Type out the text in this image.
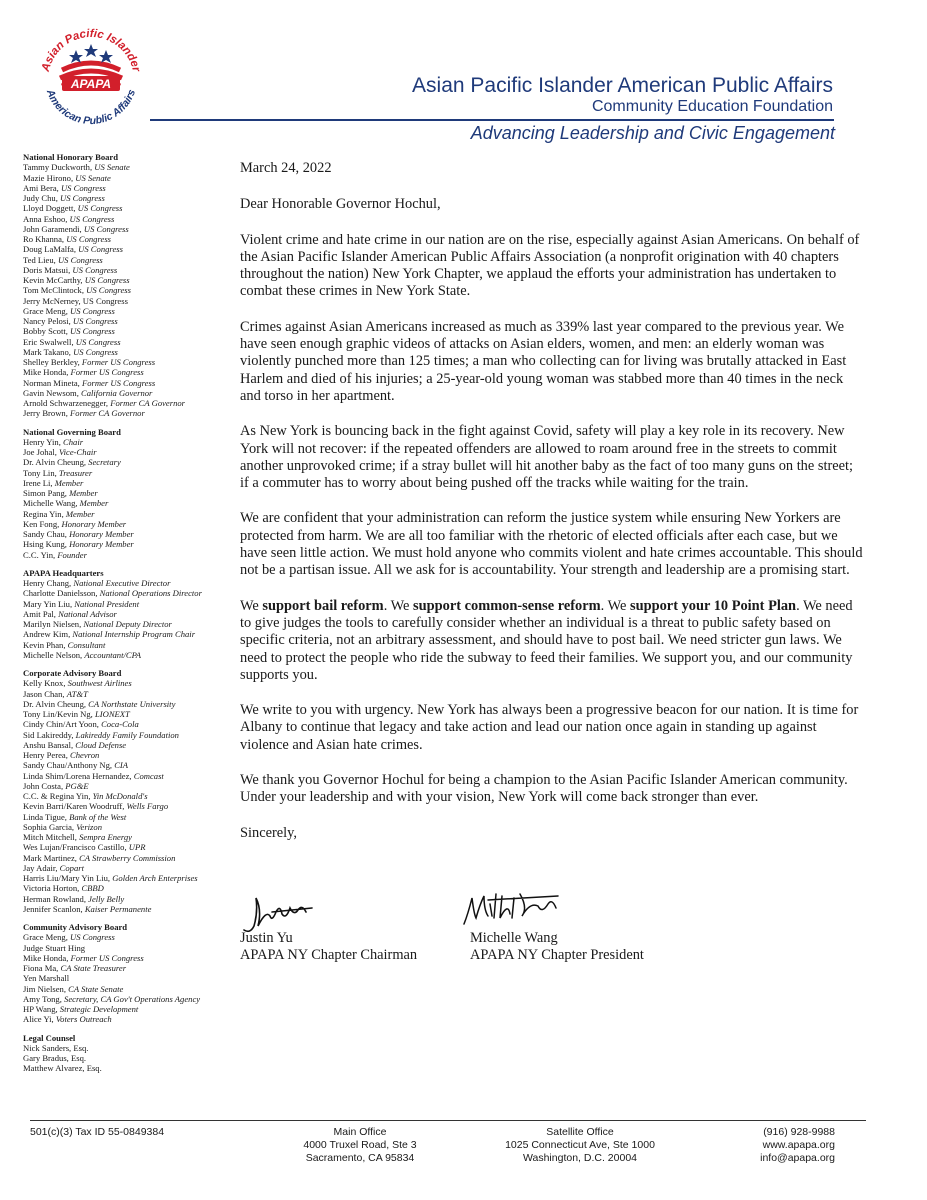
APAPA
Asian Pacific Islander
American Public Affairs	Asian Pacific Islander American Public Affairs
Community Education Foundation
Advancing Leadership and Civic Engagement
National Honorary Board
Tammy Duckworth, US Senate
Mazie Hirono, US Senate
Ami Bera, US Congress
Judy Chu, US Congress
Lloyd Doggett, US Congress
Anna Eshoo, US Congress
John Garamendi, US Congress
Ro Khanna, US Congress
Doug LaMalfa, US Congress
Ted Lieu, US Congress
Doris Matsui, US Congress
Kevin McCarthy, US Congress
Tom McClintock, US Congress
Jerry McNerney, US Congress
Grace Meng, US Congress
Nancy Pelosi, US Congress
Bobby Scott, US Congress
Eric Swalwell, US Congress
Mark Takano, US Congress
Shelley Berkley, Former US Congress
Mike Honda, Former US Congress
Norman Mineta, Former US Congress
Gavin Newsom, California Governor
Arnold Schwarzenegger, Former CA Governor
Jerry Brown, Former CA Governor
National Governing Board
Henry Yin, Chair
Joe Johal, Vice-Chair
Dr. Alvin Cheung, Secretary
Tony Lin, Treasurer
Irene Li, Member
Simon Pang, Member
Michelle Wang, Member
Regina Yin, Member
Ken Fong, Honorary Member
Sandy Chau, Honorary Member
Hsing Kung, Honorary Member
C.C. Yin, Founder
APAPA Headquarters
Henry Chang, National Executive Director
Charlotte Danielsson, National Operations Director
Mary Yin Liu, National President
Amit Pal, National Advisor
Marilyn Nielsen, National Deputy Director
Andrew Kim, National Internship Program Chair
Kevin Phan, Consultant
Michelle Nelson, Accountant/CPA
Corporate Advisory Board
Kelly Knox, Southwest Airlines
Jason Chan, AT&T
Dr. Alvin Cheung, CA Northstate University
Tony Lin/Kevin Ng, LIONEXT
Cindy Chin/Art Yoon, Coca-Cola
Sid Lakireddy, Lakireddy Family Foundation
Anshu Bansal, Cloud Defense
Henry Perea, Chevron
Sandy Chau/Anthony Ng, CIA
Linda Shim/Lorena Hernandez, Comcast
John Costa, PG&E
C.C. & Regina Yin, Yin McDonald's
Kevin Barri/Karen Woodruff, Wells Fargo
Linda Tigue, Bank of the West
Sophia Garcia, Verizon
Mitch Mitchell, Sempra Energy
Wes Lujan/Francisco Castillo, UPR
Mark Martinez, CA Strawberry Commission
Jay Adair, Copart
Harris Liu/Mary Yin Liu, Golden Arch Enterprises
Victoria Horton, CBBD
Herman Rowland, Jelly Belly
Jennifer Scanlon, Kaiser Permanente
Community Advisory Board
Grace Meng, US Congress
Judge Stuart Hing
Mike Honda, Former US Congress
Fiona Ma, CA State Treasurer
Yen Marshall
Jim Nielsen, CA State Senate
Amy Tong, Secretary, CA Gov't Operations Agency
HP Wang, Strategic Development
Alice Yi, Voters Outreach
Legal Counsel
Nick Sanders, Esq.
Gary Bradus, Esq.
Matthew Alvarez, Esq.

March 24, 2022

Dear Honorable Governor Hochul,

Violent crime and hate crime in our nation are on the rise, especially against Asian Americans. On behalf of the Asian Pacific Islander American Public Affairs Association (a nonprofit origination with 40 chapters throughout the nation) New York Chapter, we applaud the efforts your administration has undertaken to combat these crimes in New York State.

Crimes against Asian Americans increased as much as 339% last year compared to the previous year. We have seen enough graphic videos of attacks on Asian elders, women, and men: an elderly woman was violently punched more than 125 times; a man who collecting can for living was brutally attacked in East Harlem and died of his injuries; a 25-year-old young woman was stabbed more than 40 times in the neck and torso in her apartment.

As New York is bouncing back in the fight against Covid, safety will play a key role in its recovery. New York will not recover: if the repeated offenders are allowed to roam around free in the streets to commit another unprovoked crime; if a stray bullet will hit another baby as the fact of too many guns on the street; if a commuter has to worry about being pushed off the tracks while waiting for the train.

We are confident that your administration can reform the justice system while ensuring New Yorkers are protected from harm. We are all too familiar with the rhetoric of elected officials after each case, but we have seen little action. We must hold anyone who commits violent and hate crimes accountable. This should not be a partisan issue. All we ask for is accountability. Your strength and leadership are a promising start.

We support bail reform. We support common-sense reform. We support your 10 Point Plan. We need to give judges the tools to carefully consider whether an individual is a threat to public safety based on specific criteria, not an arbitrary assessment, and should have to post bail. We need stricter gun laws. We need to protect the people who ride the subway to feed their families. We support you, and our community supports you.

We write to you with urgency. New York has always been a progressive beacon for our nation. It is time for Albany to continue that legacy and take action and lead our nation once again in standing up against violence and Asian hate crimes.

We thank you Governor Hochul for being a champion to the Asian Pacific Islander American community. Under your leadership and with your vision, New York will come back stronger than ever.

Sincerely,

Justin Yu
APAPA NY Chapter Chairman
Michelle Wang
APAPA NY Chapter President
501(c)(3) Tax ID 55-0849384	Main Office
4000 Truxel Road, Ste 3
Sacramento, CA 95834
Satellite Office
1025 Connecticut Ave, Ste 1000
Washington, D.C. 20004
(916) 928-9988
www.apapa.org
info@apapa.org
